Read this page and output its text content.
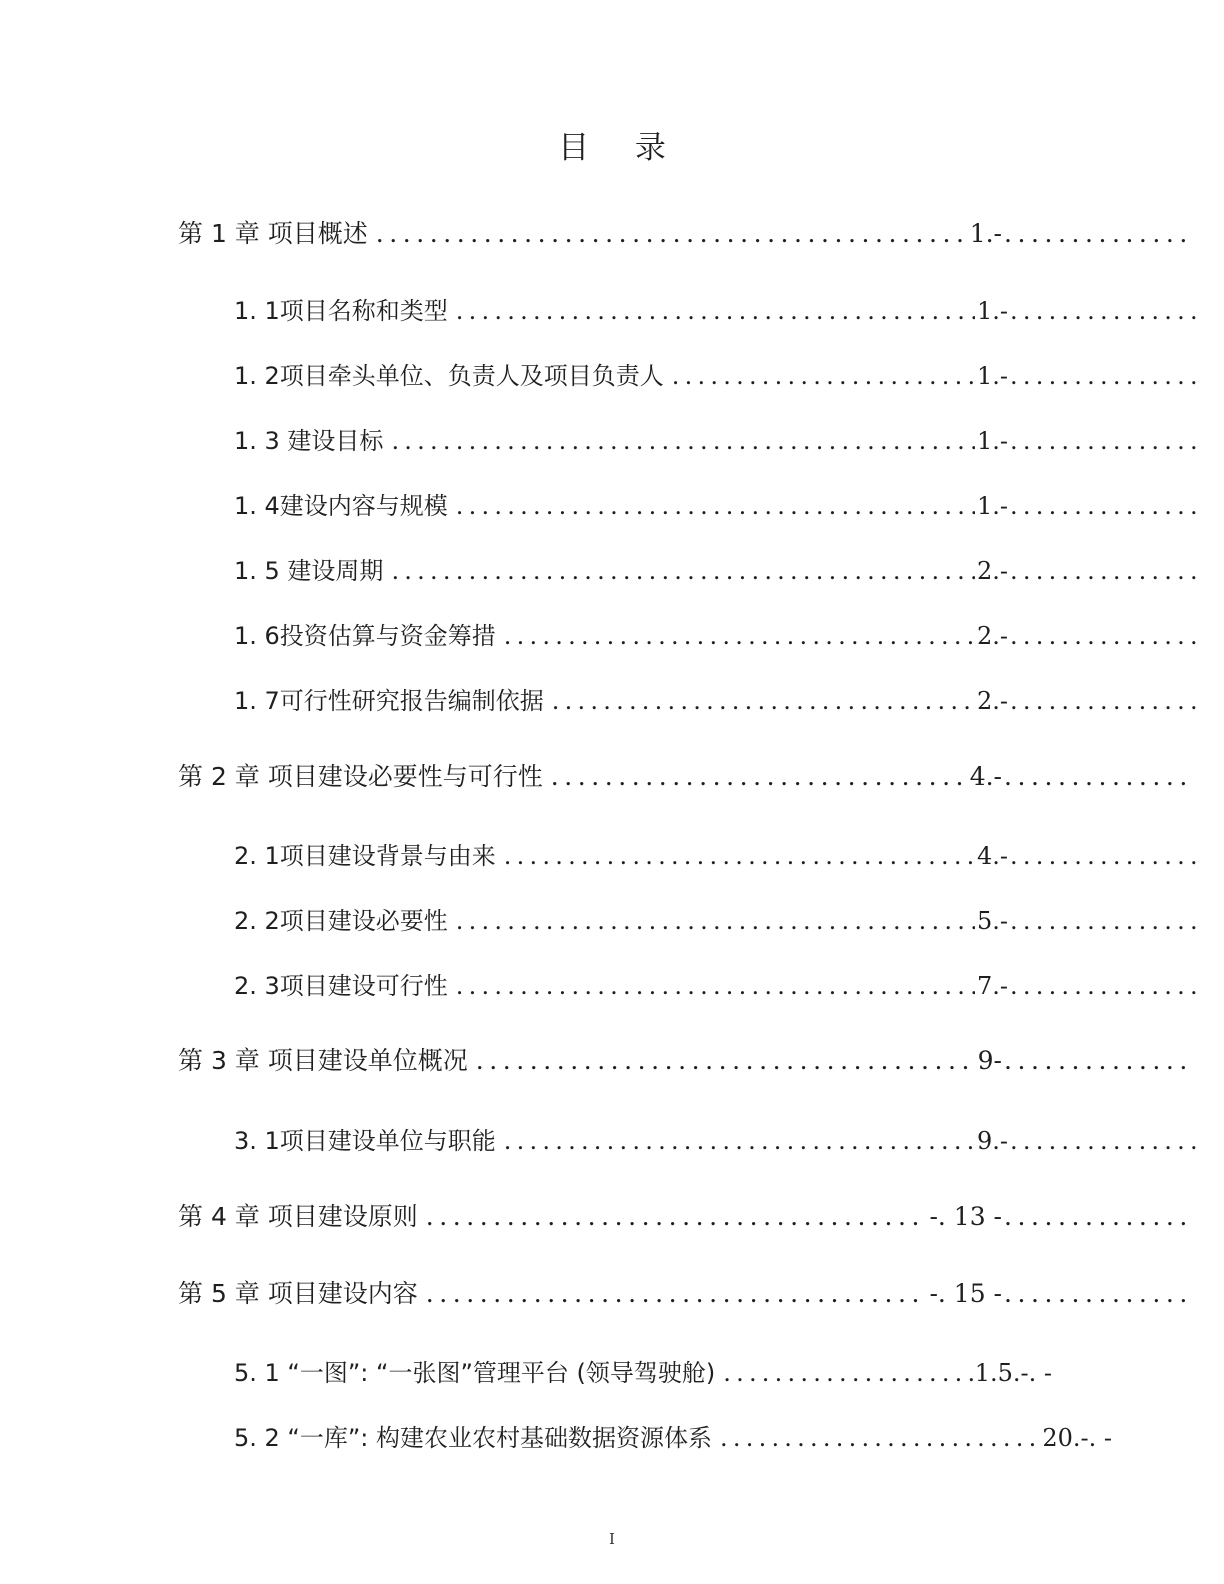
目 录
第 1 章 项目概述 . . .	1.-
. . .
1. 1项目名称和类型 . . .	1.-
. . .
1. 2项目牵头单位、负责人及项目负责人 . . .	1.-
. . .
1. 3 建设目标 . . .	1.-
. . .
1. 4建设内容与规模 . . .	1.-
. . .
1. 5 建设周期 . . .	2.-
. . .
1. 6投资估算与资金筹措 . . .	2.-
. . .
1. 7可行性研究报告编制依据 . . .	2.-
. . .
第 2 章 项目建设必要性与可行性 . . .	4.-
. . .
2. 1项目建设背景与由来 . . .	4.-
. . .
2. 2项目建设必要性 . . .	5.-
. . .
2. 3项目建设可行性 . . .	7.-
. . .
第 3 章 项目建设单位概况 . . .	9-
. . .
3. 1项目建设单位与职能 . . .	9.-
. . .
第 4 章 项目建设原则 . . .	-. 13 -
. . .
第 5 章 项目建设内容 . . .	-. 15 -
. . .
5. 1 “一图”: “一张图”管理平台 (领导驾驶舱) . . .	1.5.-. -
5. 2 “一库”: 构建农业农村基础数据资源体系 . . .	20.-. -
I
